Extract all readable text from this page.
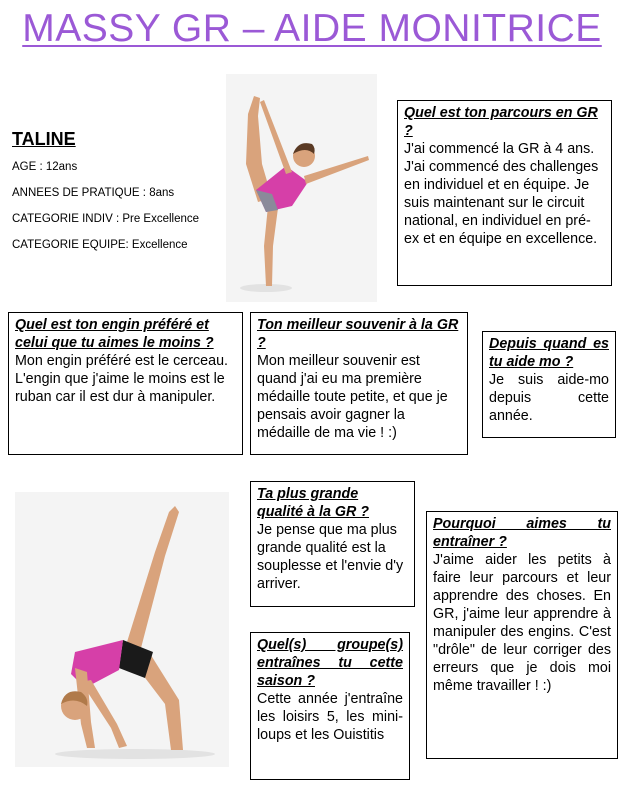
MASSY GR – AIDE MONITRICE
TALINE
AGE : 12ans
ANNEES DE PRATIQUE : 8ans
CATEGORIE INDIV : Pre Excellence
CATEGORIE EQUIPE: Excellence
Quel est ton parcours en GR ?
J'ai commencé la GR à 4 ans. J'ai commencé des challenges en individuel et en équipe. Je suis maintenant sur le circuit national, en individuel en pré-ex et en équipe en excellence.
Quel est ton engin préféré et celui que tu aimes le moins ?
Mon engin préféré est le cerceau. L'engin que j'aime le moins est le ruban car il est dur à manipuler.
Ton meilleur souvenir à la GR ?
Mon meilleur souvenir est quand j'ai eu ma première médaille toute petite, et que je pensais avoir gagner la médaille de ma vie ! :)
Depuis quand es tu aide mo ?
Je suis aide-mo depuis cette année.
Ta plus grande qualité à la GR ?
Je pense que ma plus grande qualité est la souplesse et l'envie d'y arriver.
Pourquoi aimes tu entraîner ?
J'aime aider les petits à faire leur parcours et leur apprendre des choses. En GR, j'aime leur apprendre à manipuler des engins. C'est "drôle" de leur corriger des erreurs que je dois moi même travailler ! :)
Quel(s) groupe(s) entraînes tu cette saison ?
Cette année j'entraîne les loisirs 5, les mini-loups et les Ouistitis
